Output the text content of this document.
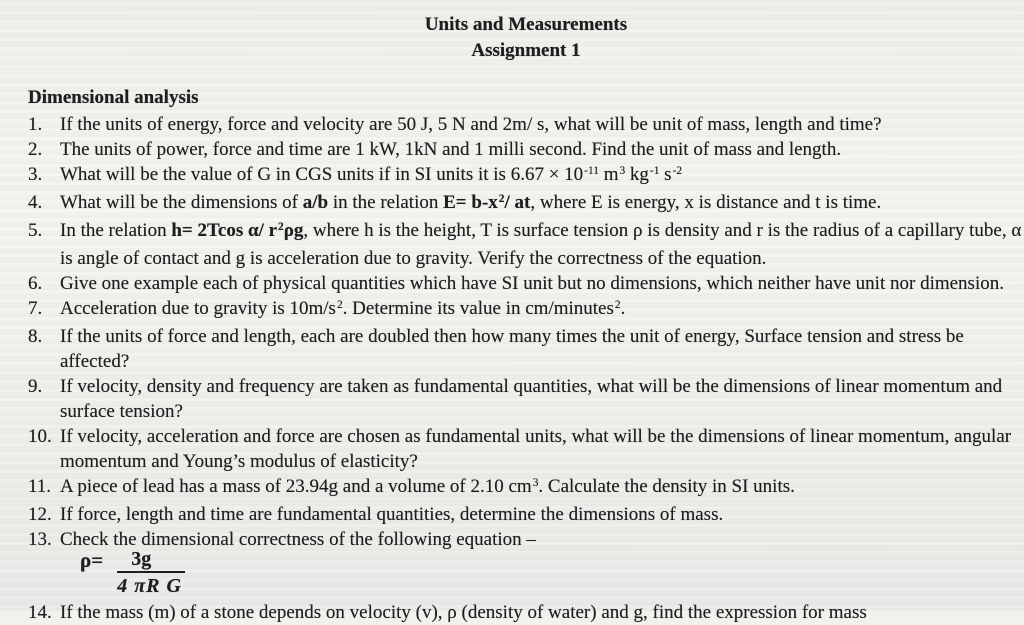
Units and Measurements
Assignment 1
Dimensional analysis
1. If the units of energy, force and velocity are 50 J, 5 N and 2m/ s, what will be unit of mass, length and time?
2. The units of power, force and time are 1 kW, 1kN and 1 milli second. Find the unit of mass and length.
3. What will be the value of G in CGS units if in SI units it is $6.67 \times 10^{-11}$ $m^3$ $kg^{-1}$ $s^{-2}$
4. What will be the dimensions of a/b in the relation $E= b-x^2/$ at, where E is energy, x is distance and t is time.
5. In the relation h= 2Tcos α/ $r^2\rho g$, where h is the height, T is surface tension ρ is density and r is the radius of a capillary tube, α is angle of contact and g is acceleration due to gravity. Verify the correctness of the equation.
6. Give one example each of physical quantities which have SI unit but no dimensions, which neither have unit nor dimension.
7. Acceleration due to gravity is $10m/s^2$. Determine its value in cm/minutes$^2$.
8. If the units of force and length, each are doubled then how many times the unit of energy, Surface tension and stress be affected?
9. If velocity, density and frequency are taken as fundamental quantities, what will be the dimensions of linear momentum and surface tension?
10. If velocity, acceleration and force are chosen as fundamental units, what will be the dimensions of linear momentum, angular momentum and Young’s modulus of elasticity?
11. A piece of lead has a mass of 23.94g and a volume of 2.10 $cm^3$. Calculate the density in SI units.
12. If force, length and time are fundamental quantities, determine the dimensions of mass.
13. Check the dimensional correctness of the following equation –
$\rho= \frac{3g}{\text{4 πR G}}$
14. If the mass (m) of a stone depends on velocity (v), ρ (density of water) and g, find the expression for mass
